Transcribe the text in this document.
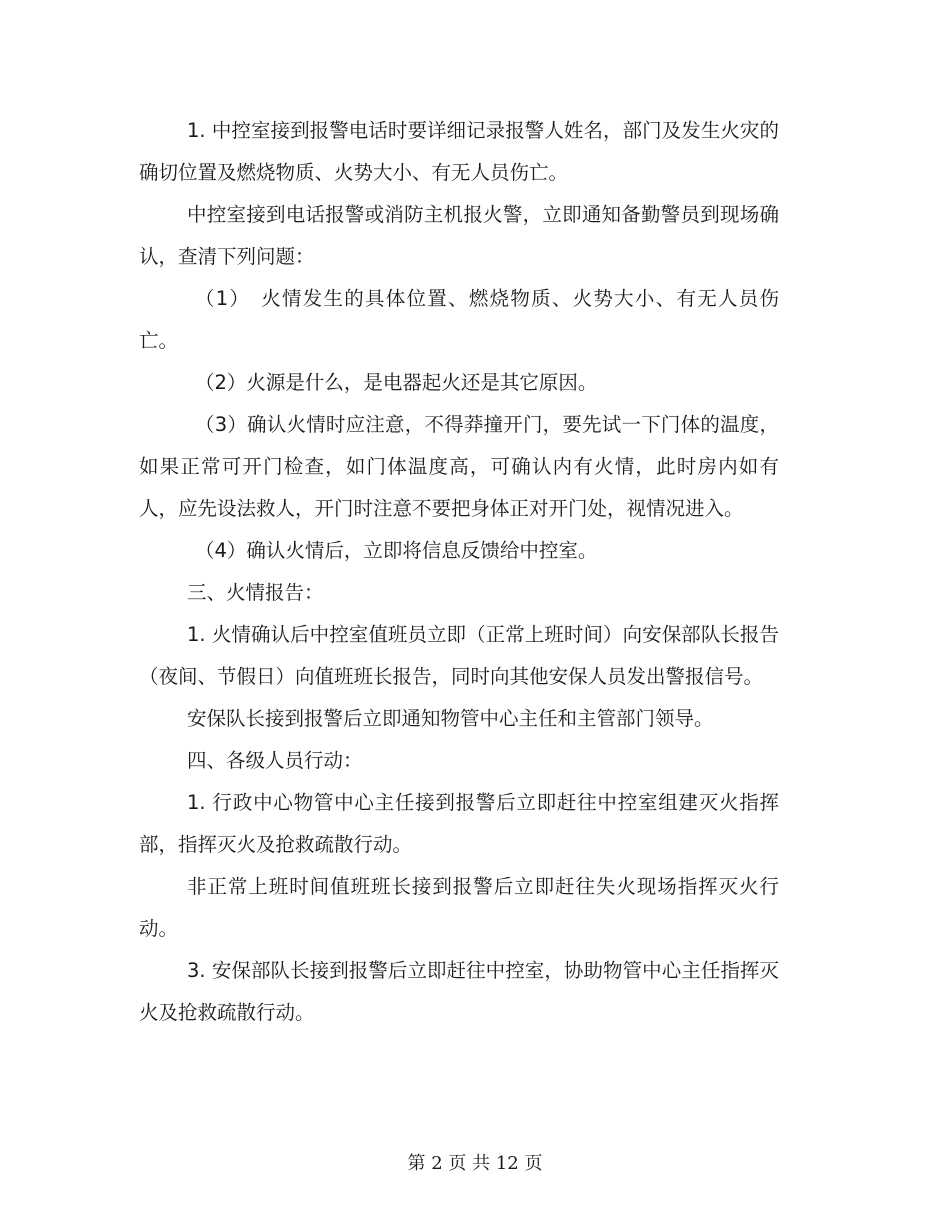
1. 中控室接到报警电话时要详细记录报警人姓名，部门及发生火灾的确切位置及燃烧物质、火势大小、有无人员伤亡。

中控室接到电话报警或消防主机报火警，立即通知备勤警员到现场确认，查清下列问题：

（1）　火情发生的具体位置、燃烧物质、火势大小、有无人员伤亡。

（2）火源是什么，是电器起火还是其它原因。

（3）确认火情时应注意，不得莽撞开门，要先试一下门体的温度，如果正常可开门检查，如门体温度高，可确认内有火情，此时房内如有人，应先设法救人，开门时注意不要把身体正对开门处，视情况进入。

（4）确认火情后，立即将信息反馈给中控室。

三、火情报告：

1. 火情确认后中控室值班员立即（正常上班时间）向安保部队长报告（夜间、节假日）向值班班长报告，同时向其他安保人员发出警报信号。

安保队长接到报警后立即通知物管中心主任和主管部门领导。

四、各级人员行动：

1. 行政中心物管中心主任接到报警后立即赶往中控室组建灭火指挥部，指挥灭火及抢救疏散行动。

非正常上班时间值班班长接到报警后立即赶往失火现场指挥灭火行动。

3. 安保部队长接到报警后立即赶往中控室，协助物管中心主任指挥灭火及抢救疏散行动。

第 2 页 共 12 页
